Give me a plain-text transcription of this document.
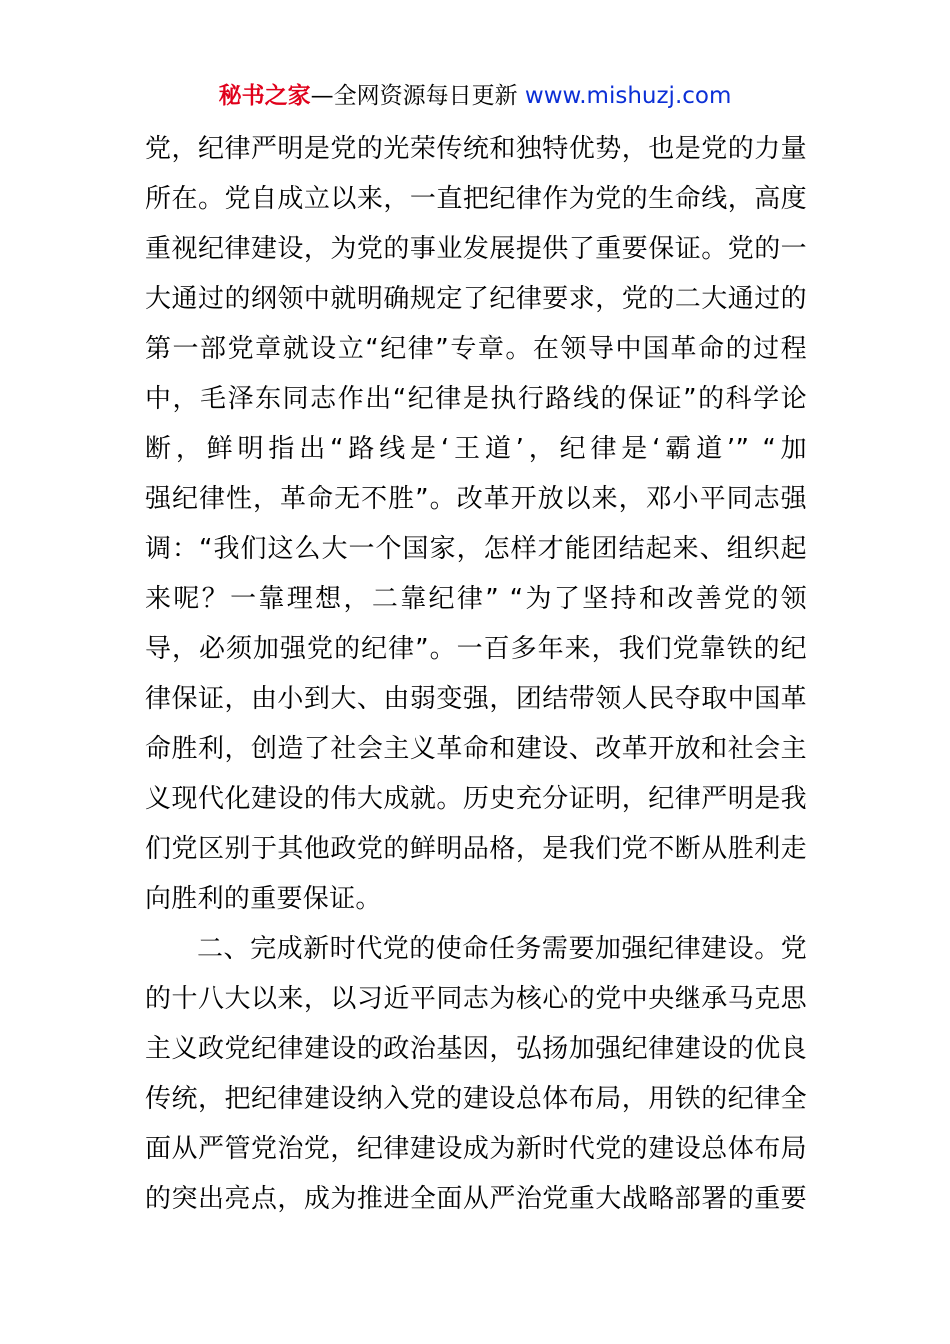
秘书之家—全网资源每日更新 www.mishuzj.com
党，纪律严明是党的光荣传统和独特优势，也是党的力量
所在。党自成立以来，一直把纪律作为党的生命线，高度
重视纪律建设，为党的事业发展提供了重要保证。党的一
大通过的纲领中就明确规定了纪律要求，党的二大通过的
第一部党章就设立“纪律”专章。在领导中国革命的过程
中，毛泽东同志作出“纪律是执行路线的保证”的科学论
断，鲜明指出“路线是‘王道’，纪律是‘霸道’” “加
强纪律性，革命无不胜”。改革开放以来，邓小平同志强
调：“我们这么大一个国家，怎样才能团结起来、组织起
来呢？一靠理想，二靠纪律” “为了坚持和改善党的领
导，必须加强党的纪律”。一百多年来，我们党靠铁的纪
律保证，由小到大、由弱变强，团结带领人民夺取中国革
命胜利，创造了社会主义革命和建设、改革开放和社会主
义现代化建设的伟大成就。历史充分证明，纪律严明是我
们党区别于其他政党的鲜明品格，是我们党不断从胜利走
向胜利的重要保证。
二、完成新时代党的使命任务需要加强纪律建设。党
的十八大以来，以习近平同志为核心的党中央继承马克思
主义政党纪律建设的政治基因，弘扬加强纪律建设的优良
传统，把纪律建设纳入党的建设总体布局，用铁的纪律全
面从严管党治党，纪律建设成为新时代党的建设总体布局
的突出亮点，成为推进全面从严治党重大战略部署的重要
